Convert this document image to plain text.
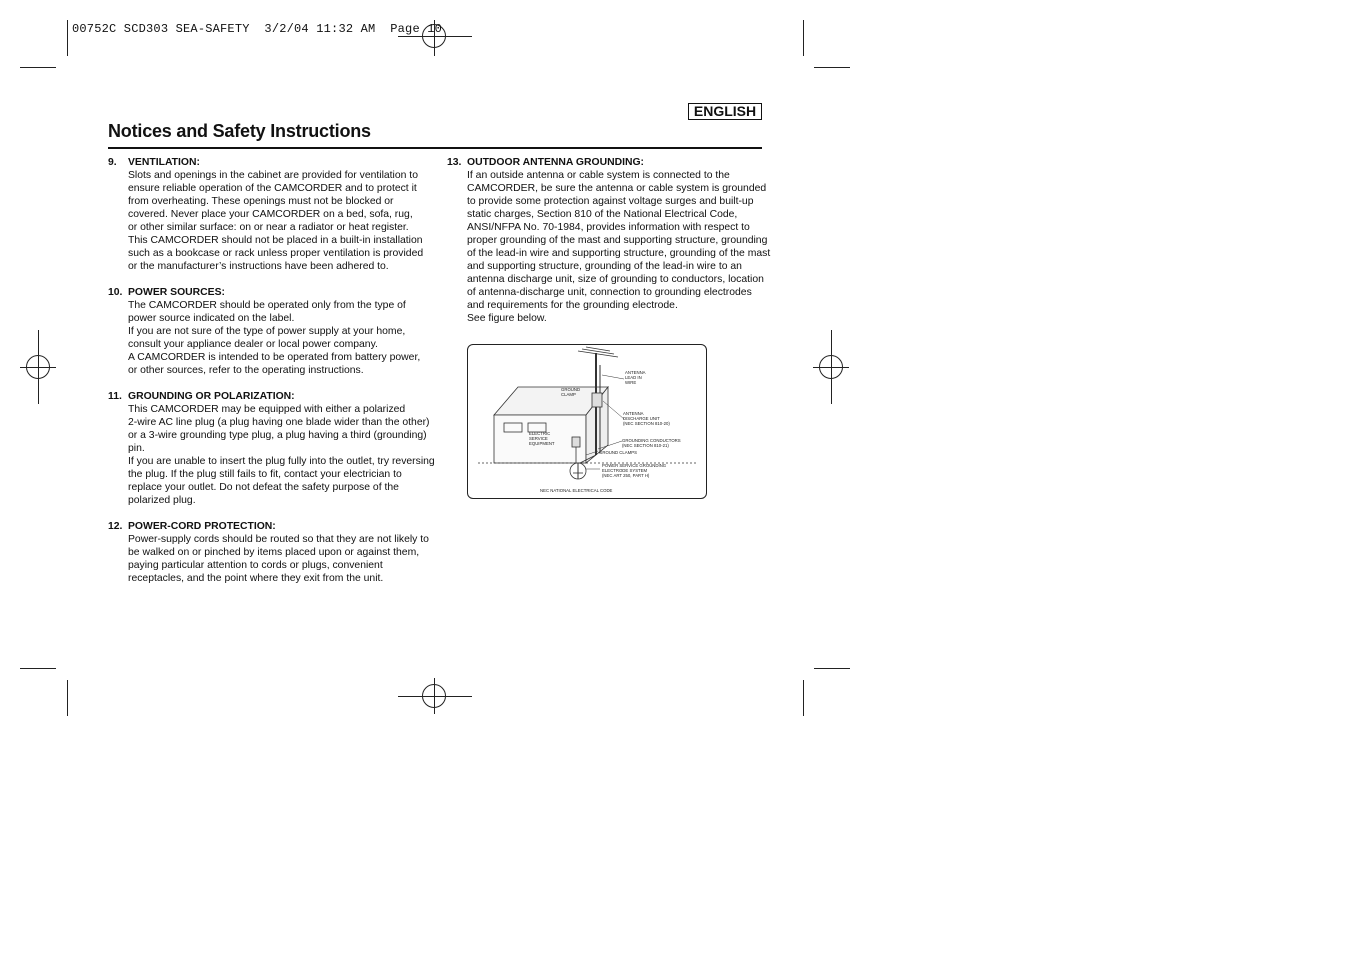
00752C SCD303 SEA-SAFETY  3/2/04 11:32 AM  Page 10
ENGLISH
Notices and Safety Instructions
9. VENTILATION:
Slots and openings in the cabinet are provided for ventilation to
ensure reliable operation of the CAMCORDER and to protect it
from overheating. These openings must not be blocked or
covered. Never place your CAMCORDER on a bed, sofa, rug,
or other similar surface: on or near a radiator or heat register.
This CAMCORDER should not be placed in a built-in installation
such as a bookcase or rack unless proper ventilation is provided
or the manufacturer’s instructions have been adhered to.
10. POWER SOURCES:
The CAMCORDER should be operated only from the type of
power source indicated on the label.
If you are not sure of the type of power supply at your home,
consult your appliance dealer or local power company.
A CAMCORDER is intended to be operated from battery power,
or other sources, refer to the operating instructions.
11. GROUNDING OR POLARIZATION:
This CAMCORDER may be equipped with either a polarized
2-wire AC line plug (a plug having one blade wider than the other)
or a 3-wire grounding type plug, a plug having a third (grounding)
pin.
If you are unable to insert the plug fully into the outlet, try reversing
the plug. If the plug still fails to fit, contact your electrician to
replace your outlet. Do not defeat the safety purpose of the
polarized plug.
12. POWER-CORD PROTECTION:
Power-supply cords should be routed so that they are not likely to
be walked on or pinched by items placed upon or against them,
paying particular attention to cords or plugs, convenient
receptacles, and the point where they exit from the unit.
13. OUTDOOR ANTENNA GROUNDING:
If an outside antenna or cable system is connected to the
CAMCORDER, be sure the antenna or cable system is grounded
to provide some protection against voltage surges and built-up
static charges, Section 810 of the National Electrical Code,
ANSI/NFPA No. 70-1984, provides information with respect to
proper grounding of the mast and supporting structure, grounding
of the lead-in wire and supporting structure, grounding of the mast
and supporting structure, grounding of the lead-in wire to an
antenna discharge unit, size of grounding to conductors, location
of antenna-discharge unit, connection to grounding electrodes
and requirements for the grounding electrode.
See figure below.
ANTENNA LEAD IN WIRE
GROUND CLAMP
ANTENNA DISCHARGE UNIT (NEC SECTION 810-20)
ELECTRIC SERVICE EQUIPMENT
GROUNDING CONDUCTORS (NEC SECTION 810-21)
GROUND CLAMPS
POWER SERVICE GROUNDING ELECTRODE SYSTEM (NEC ART 250, PART H)
NEC NATIONAL ELECTRICAL CODE
